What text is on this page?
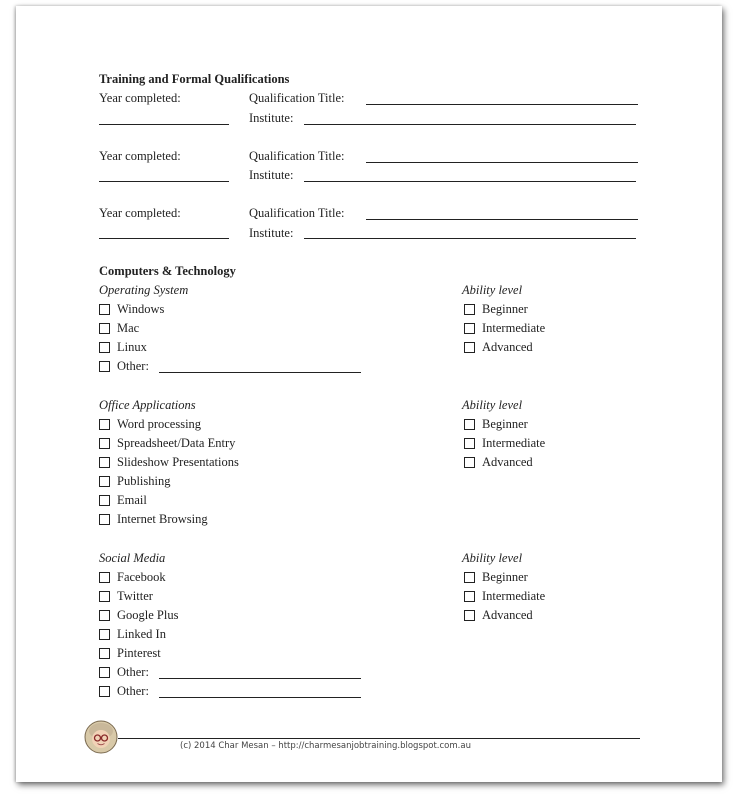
Training and Formal Qualifications
Year completed:	Qualification Title:
Institute:
Year completed:	Qualification Title:
Institute:
Year completed:	Qualification Title:
Institute:
Computers & Technology
Operating System	Ability level
Windows
Mac
Linux
Other:
Beginner
Intermediate
Advanced
Office Applications	Ability level
Word processing
Spreadsheet/Data Entry
Slideshow Presentations
Publishing
Email
Internet Browsing
Beginner
Intermediate
Advanced
Social Media	Ability level
Facebook
Twitter
Google Plus
Linked In
Pinterest
Other:
Other:
Beginner
Intermediate
Advanced
(c) 2014 Char Mesan – http://charmesanjobtraining.blogspot.com.au
